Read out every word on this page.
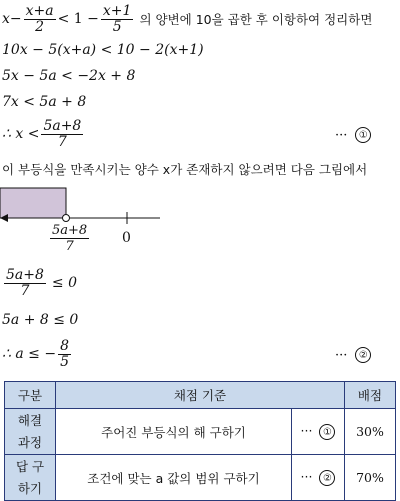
$x- \frac{x+a}{2} < 1 - \frac{x+1}{5}$ 의 양변에 10을 곱한 후 이항하여 정리하면
10x − 5(x+a) < 10 − 2(x+1)
5x − 5a < −2x + 8
7x < 5a + 8
∴ $x < \frac{5a+8}{7}$	···	①
이 부등식을 만족시키는 양수 x가 존재하지 않으려면 다음 그림에서
$\frac{5a+8}{7} 0$
$\frac{5a+8}{7} \le 0$
5a + 8 ≤ 0
∴ a ≤ − $\frac{8}{5}$	···	②
구분	채점 기준		배점

해결
과정	주어진 부등식의 해 구하기	··· ①	30%

답 구
하기	조건에 맞는 a 값의 범위 구하기	··· ②	70%
